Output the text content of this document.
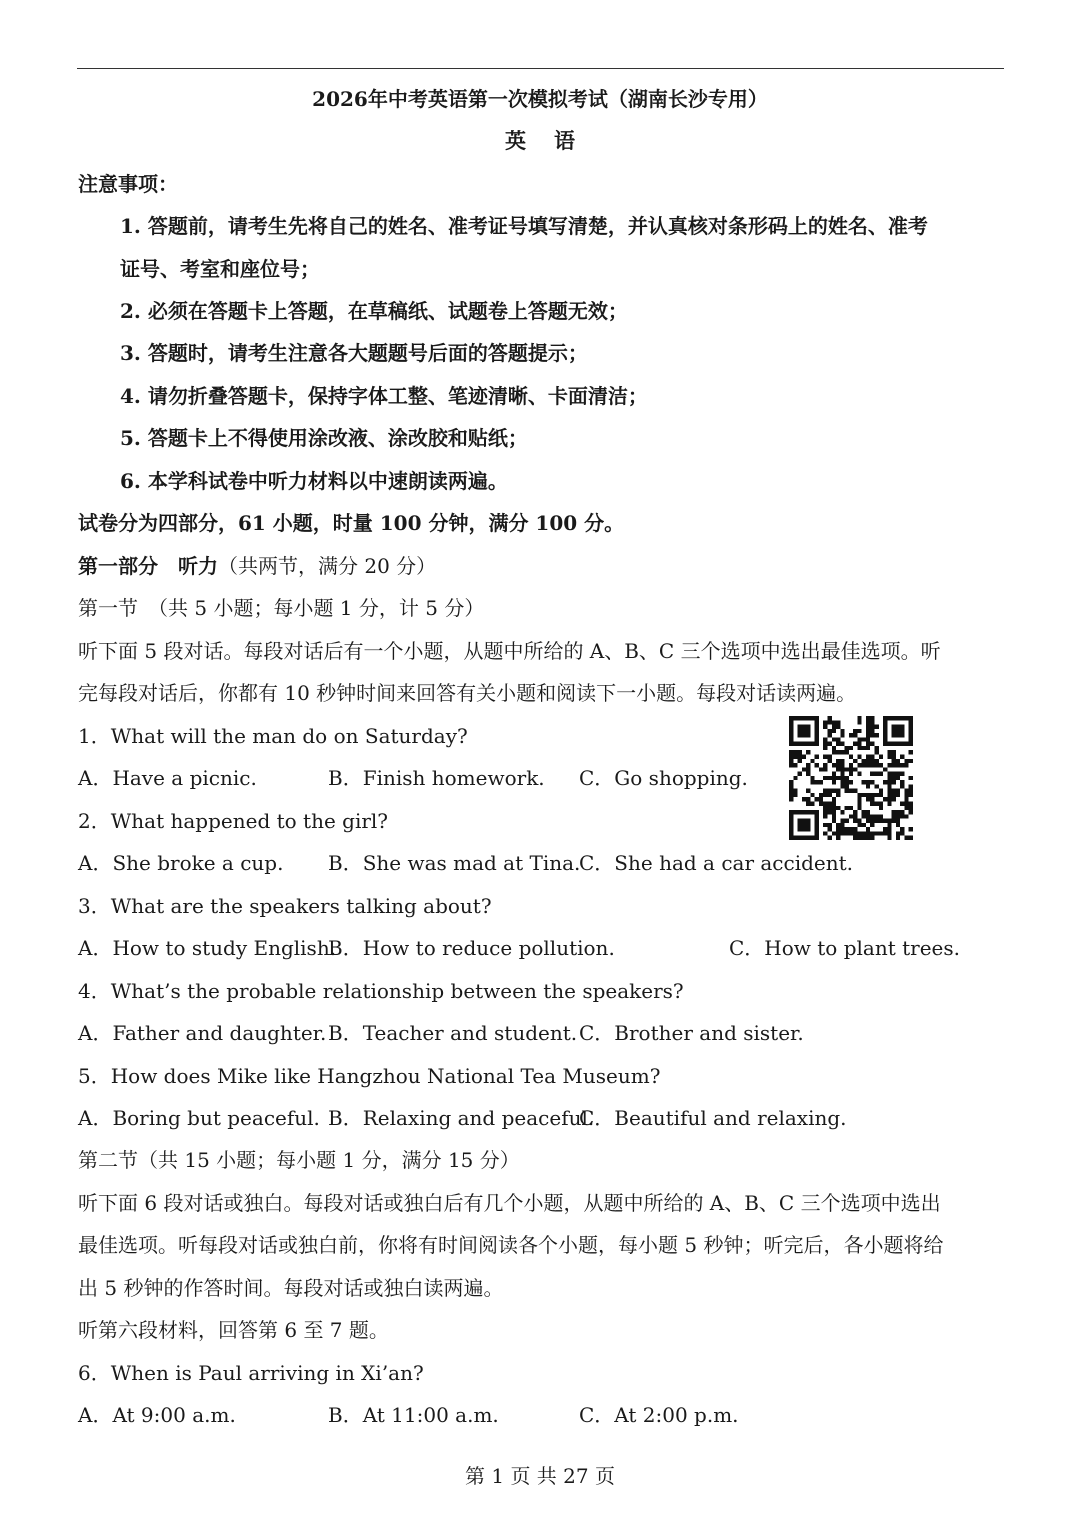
2026年中考英语第一次模拟考试（湖南长沙专用）
英语
注意事项：
1. 答题前，请考生先将自己的姓名、准考证号填写清楚，并认真核对条形码上的姓名、准考
证号、考室和座位号；
2. 必须在答题卡上答题，在草稿纸、试题卷上答题无效；
3. 答题时，请考生注意各大题题号后面的答题提示；
4. 请勿折叠答题卡，保持字体工整、笔迹清晰、卡面清洁；
5. 答题卡上不得使用涂改液、涂改胶和贴纸；
6. 本学科试卷中听力材料以中速朗读两遍。
试卷分为四部分，61 小题，时量 100 分钟，满分 100 分。
第一部分　听力（共两节，满分 20 分）
第一节　（共 5 小题；每小题 1 分，计 5 分）
听下面 5 段对话。每段对话后有一个小题，从题中所给的 A、B、C 三个选项中选出最佳选项。听
完每段对话后，你都有 10 秒钟时间来回答有关小题和阅读下一小题。每段对话读两遍。
1．What will the man do on Saturday?
A．Have a picnic.	B．Finish homework. C．Go shopping.
2．What happened to the girl?
A．She broke a cup. B．She was mad at Tina.
C．She had a car accident.
3．What are the speakers talking about?
A．How to study English.
B．How to reduce pollution.	C．How to plant trees.
4．What’s the probable relationship between the speakers?
A．Father and daughter. B．Teacher and student. C．Brother and sister.
5．How does Mike like Hangzhou National Tea Museum?
A．Boring but peaceful. B．Relaxing and peaceful.
C．Beautiful and relaxing.
第二节（共 15 小题；每小题 1 分，满分 15 分）
听下面 6 段对话或独白。每段对话或独白后有几个小题，从题中所给的 A、B、C 三个选项中选出
最佳选项。听每段对话或独白前，你将有时间阅读各个小题，每小题 5 秒钟；听完后，各小题将给
出 5 秒钟的作答时间。每段对话或独白读两遍。
听第六段材料，回答第 6 至 7 题。
6．When is Paul arriving in Xi’an?
A．At 9:00 a.m.	B．At 11:00 a.m.	C．At 2:00 p.m.
第 1 页 共 27 页
